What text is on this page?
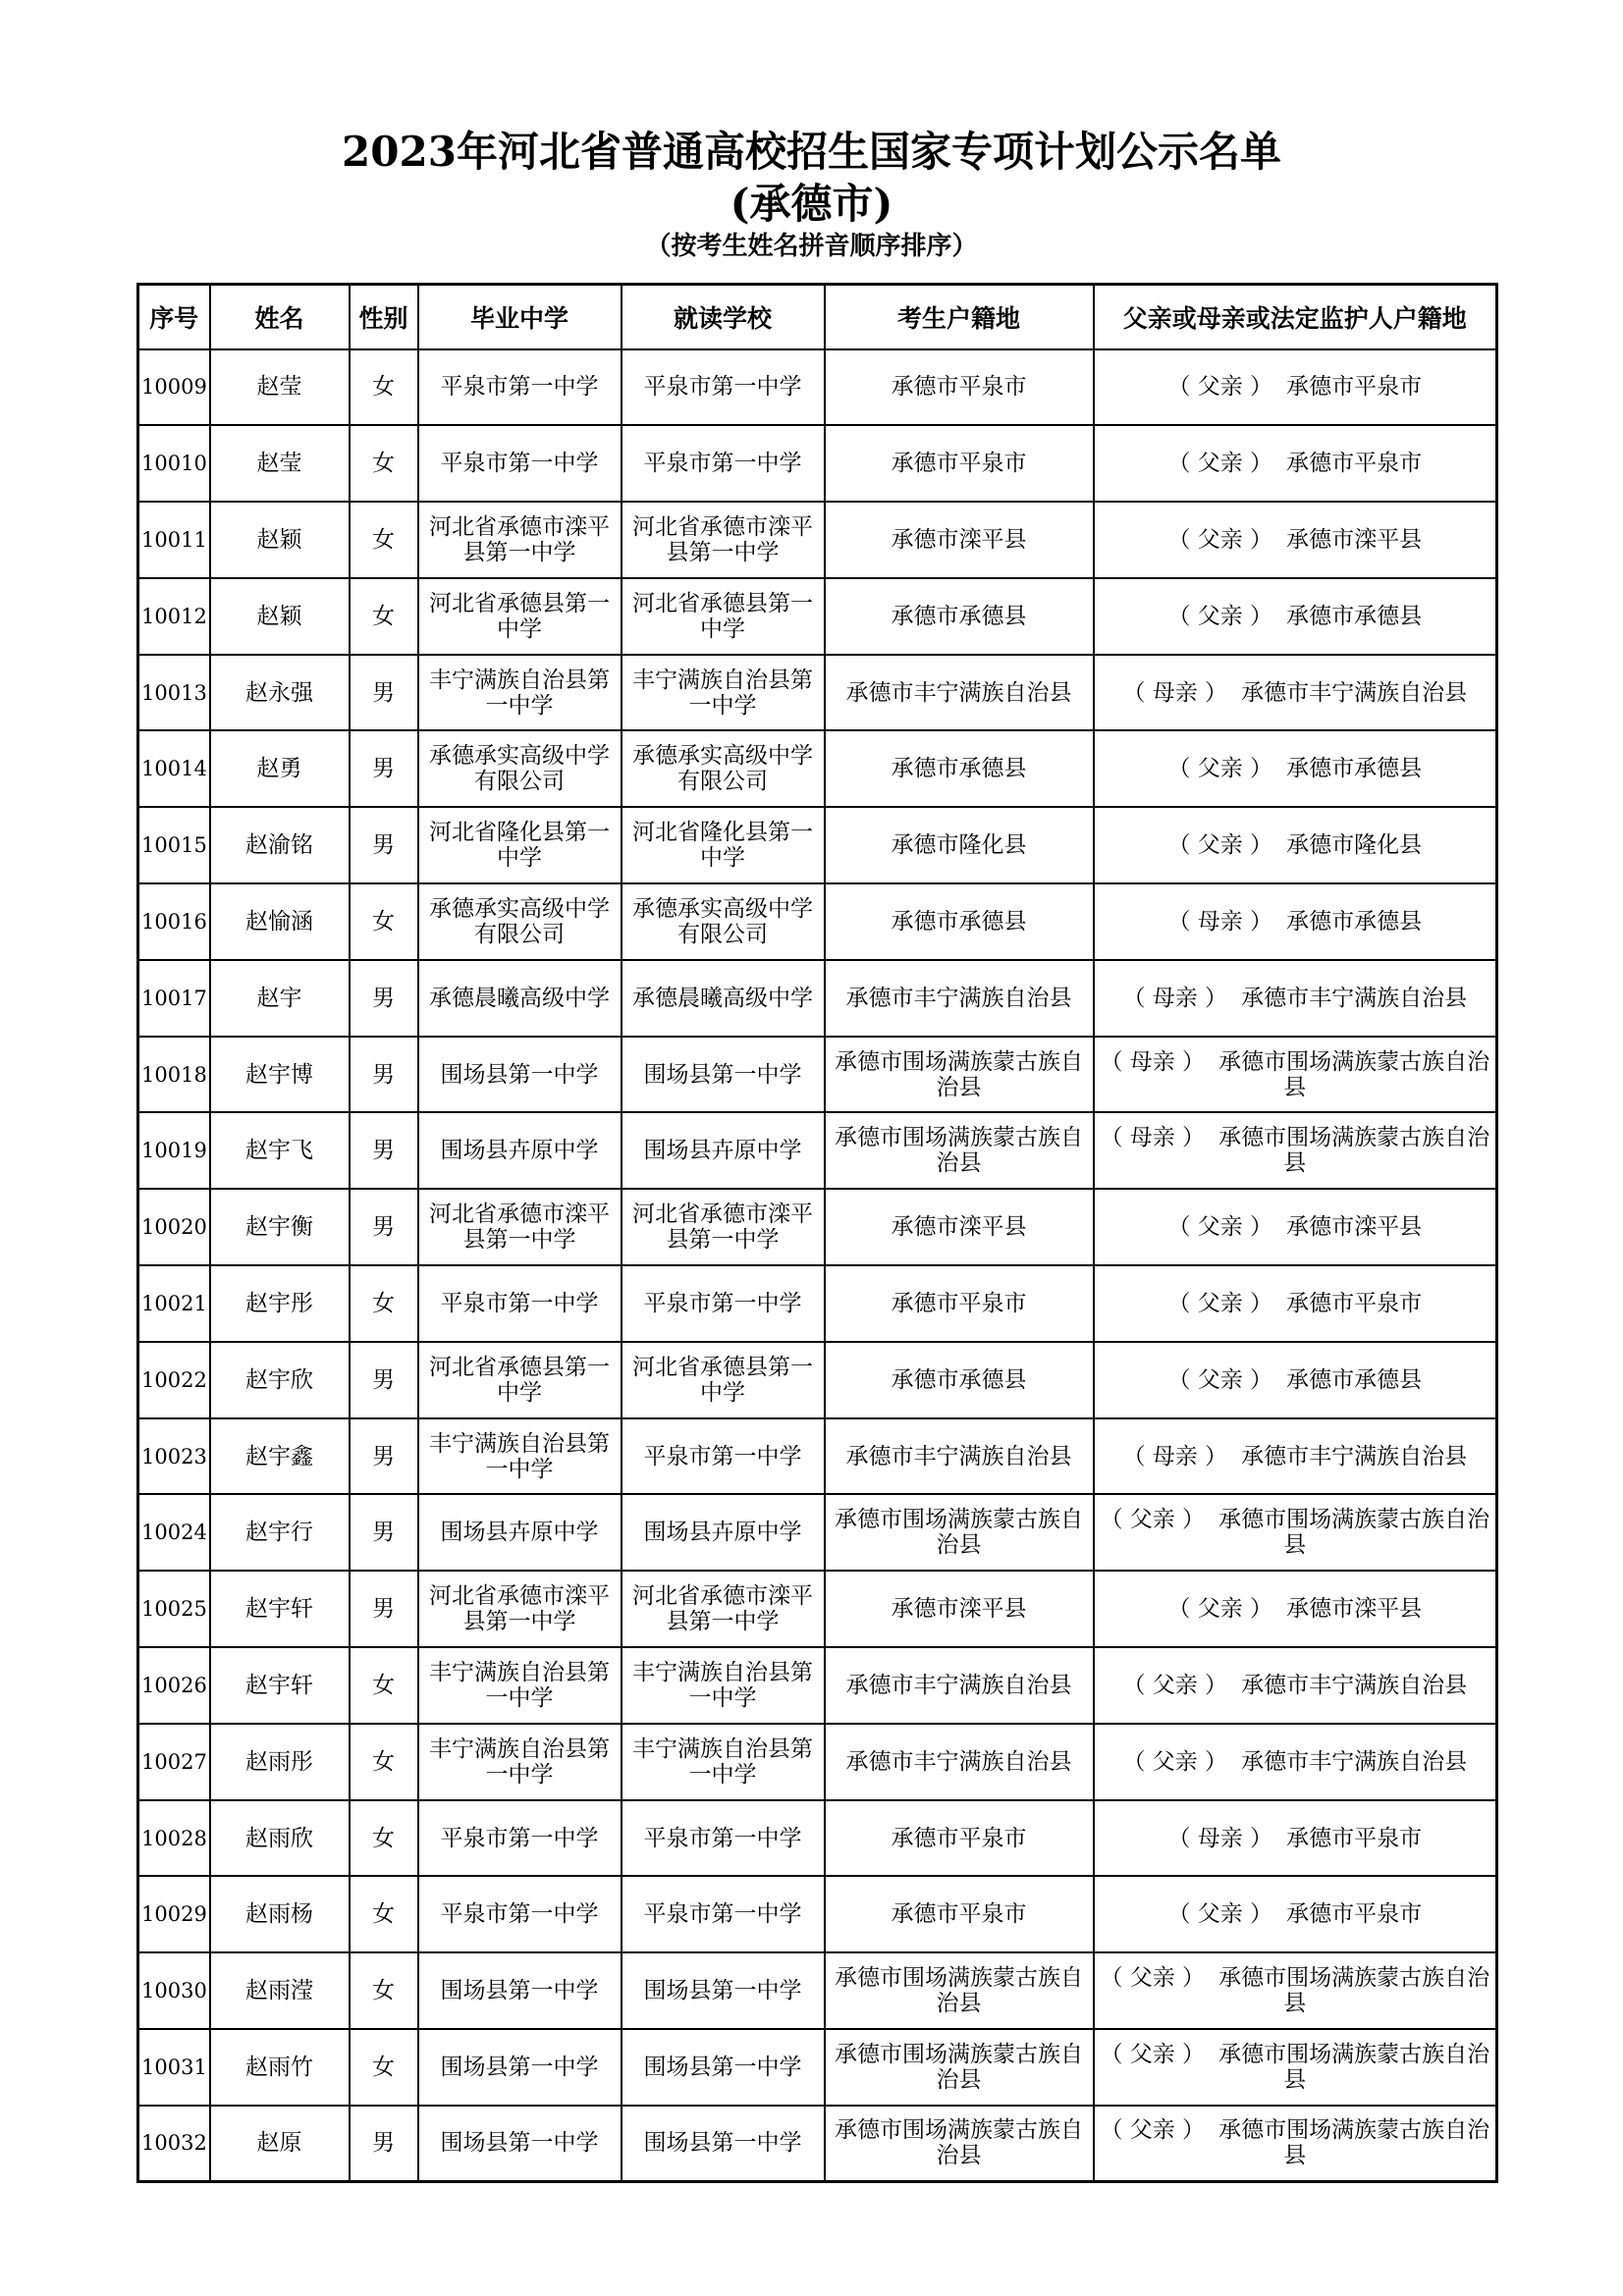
2023年河北省普通高校招生国家专项计划公示名单
(承德市)
（按考生姓名拼音顺序排序）
序号	姓名	性别	毕业中学	就读学校	考生户籍地	父亲或母亲或法定监护人户籍地
10009	赵莹	女	平泉市第一中学	平泉市第一中学	承德市平泉市	（ 父亲 ） 承德市平泉市
10010	赵莹	女	平泉市第一中学	平泉市第一中学	承德市平泉市	（ 父亲 ） 承德市平泉市
10011	赵颖	女	河北省承德市滦平县第一中学	河北省承德市滦平县第一中学	承德市滦平县	（ 父亲 ） 承德市滦平县
10012	赵颖	女	河北省承德县第一中学	河北省承德县第一中学	承德市承德县	（ 父亲 ） 承德市承德县
10013	赵永强	男	丰宁满族自治县第一中学	丰宁满族自治县第一中学	承德市丰宁满族自治县	（ 母亲 ） 承德市丰宁满族自治县
10014	赵勇	男	承德承实高级中学有限公司	承德承实高级中学有限公司	承德市承德县	（ 父亲 ） 承德市承德县
10015	赵渝铭	男	河北省隆化县第一中学	河北省隆化县第一中学	承德市隆化县	（ 父亲 ） 承德市隆化县
10016	赵愉涵	女	承德承实高级中学有限公司	承德承实高级中学有限公司	承德市承德县	（ 母亲 ） 承德市承德县
10017	赵宇	男	承德晨曦高级中学	承德晨曦高级中学	承德市丰宁满族自治县	（ 母亲 ） 承德市丰宁满族自治县
10018	赵宇博	男	围场县第一中学	围场县第一中学	承德市围场满族蒙古族自治县	（ 母亲 ） 承德市围场满族蒙古族自治县
10019	赵宇飞	男	围场县卉原中学	围场县卉原中学	承德市围场满族蒙古族自治县	（ 母亲 ） 承德市围场满族蒙古族自治县
10020	赵宇衡	男	河北省承德市滦平县第一中学	河北省承德市滦平县第一中学	承德市滦平县	（ 父亲 ） 承德市滦平县
10021	赵宇彤	女	平泉市第一中学	平泉市第一中学	承德市平泉市	（ 父亲 ） 承德市平泉市
10022	赵宇欣	男	河北省承德县第一中学	河北省承德县第一中学	承德市承德县	（ 父亲 ） 承德市承德县
10023	赵宇鑫	男	丰宁满族自治县第一中学	平泉市第一中学	承德市丰宁满族自治县	（ 母亲 ） 承德市丰宁满族自治县
10024	赵宇行	男	围场县卉原中学	围场县卉原中学	承德市围场满族蒙古族自治县	（ 父亲 ） 承德市围场满族蒙古族自治县
10025	赵宇轩	男	河北省承德市滦平县第一中学	河北省承德市滦平县第一中学	承德市滦平县	（ 父亲 ） 承德市滦平县
10026	赵宇轩	女	丰宁满族自治县第一中学	丰宁满族自治县第一中学	承德市丰宁满族自治县	（ 父亲 ） 承德市丰宁满族自治县
10027	赵雨彤	女	丰宁满族自治县第一中学	丰宁满族自治县第一中学	承德市丰宁满族自治县	（ 父亲 ） 承德市丰宁满族自治县
10028	赵雨欣	女	平泉市第一中学	平泉市第一中学	承德市平泉市	（ 母亲 ） 承德市平泉市
10029	赵雨杨	女	平泉市第一中学	平泉市第一中学	承德市平泉市	（ 父亲 ） 承德市平泉市
10030	赵雨滢	女	围场县第一中学	围场县第一中学	承德市围场满族蒙古族自治县	（ 父亲 ） 承德市围场满族蒙古族自治县
10031	赵雨竹	女	围场县第一中学	围场县第一中学	承德市围场满族蒙古族自治县	（ 父亲 ） 承德市围场满族蒙古族自治县
10032	赵原	男	围场县第一中学	围场县第一中学	承德市围场满族蒙古族自治县	（ 父亲 ） 承德市围场满族蒙古族自治县
